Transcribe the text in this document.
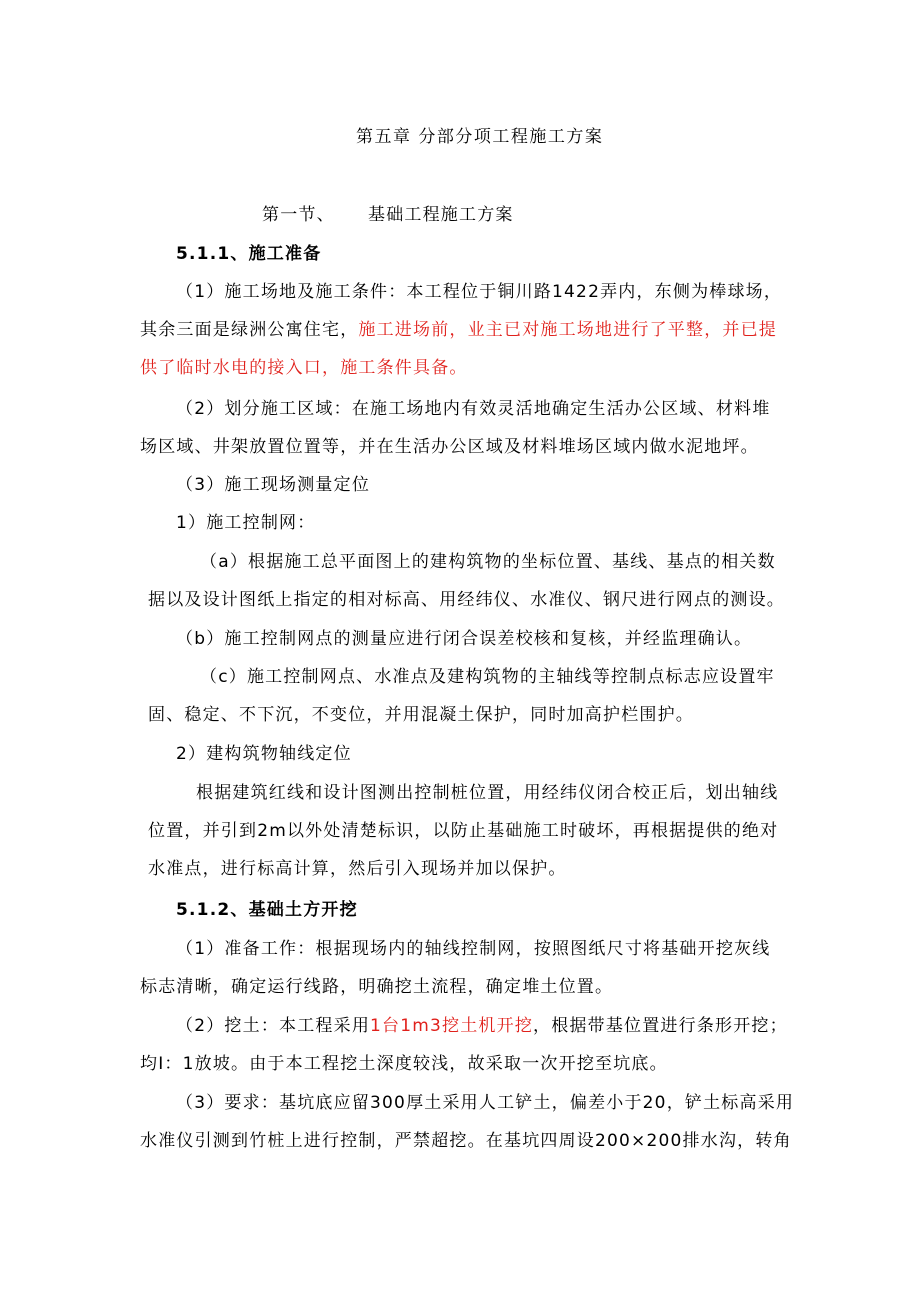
第五章 分部分项工程施工方案
第一节、 基础工程施工方案
5.1.1、施工准备
（1）施工场地及施工条件：本工程位于铜川路1422弄内，东侧为棒球场，
其余三面是绿洲公寓住宅，施工进场前，业主已对施工场地进行了平整，并已提
供了临时水电的接入口，施工条件具备。
（2）划分施工区域：在施工场地内有效灵活地确定生活办公区域、材料堆
场区域、井架放置位置等，并在生活办公区域及材料堆场区域内做水泥地坪。
（3）施工现场测量定位
1）施工控制网：
（a）根据施工总平面图上的建构筑物的坐标位置、基线、基点的相关数
据以及设计图纸上指定的相对标高、用经纬仪、水准仪、钢尺进行网点的测设。
（b）施工控制网点的测量应进行闭合误差校核和复核，并经监理确认。
（c）施工控制网点、水准点及建构筑物的主轴线等控制点标志应设置牢
固、稳定、不下沉，不变位，并用混凝土保护，同时加高护栏围护。
2）建构筑物轴线定位
根据建筑红线和设计图测出控制桩位置，用经纬仪闭合校正后，划出轴线
位置，并引到2m以外处清楚标识，以防止基础施工时破坏，再根据提供的绝对
水准点，进行标高计算，然后引入现场并加以保护。
5.1.2、基础土方开挖
（1）准备工作：根据现场内的轴线控制网，按照图纸尺寸将基础开挖灰线
标志清晰，确定运行线路，明确挖土流程，确定堆土位置。
（2）挖土：本工程采用1台1m3挖土机开挖，根据带基位置进行条形开挖；
均I：1放坡。由于本工程挖土深度较浅，故采取一次开挖至坑底。
（3）要求：基坑底应留300厚土采用人工铲土，偏差小于20，铲土标高采用
水准仪引测到竹桩上进行控制，严禁超挖。在基坑四周设200×200排水沟，转角
